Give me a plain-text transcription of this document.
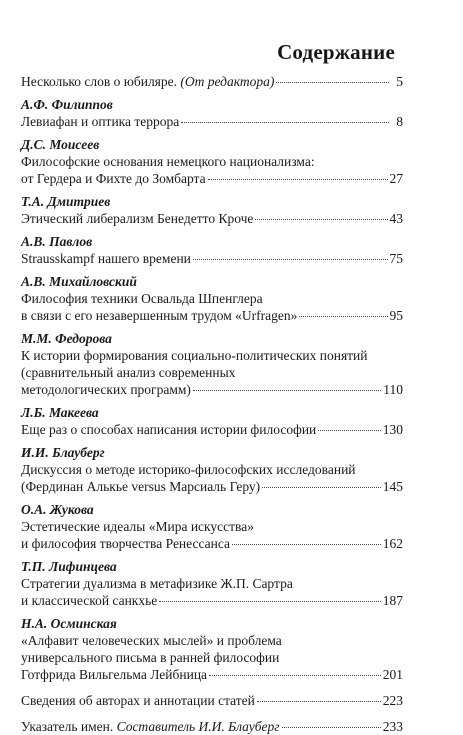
Содержание
Несколько слов о юбиляре. (От редактора)	5
А.Ф. Филиппов
Левиафан и оптика террора	8
Д.С. Моисеев
Философские основания немецкого национализма:
от Гердера и Фихте до Зомбарта	27
Т.А. Дмитриев
Этический либерализм Бенедетто Кроче	43
А.В. Павлов
Strausskampf нашего времени	75
А.В. Михайловский
Философия техники Освальда Шпенглера
в связи с его незавершенным трудом «Urfragen»	95
М.М. Федорова
К истории формирования социально-политических понятий
(сравнительный анализ современных
методологических программ)	110
Л.Б. Макеева
Еще раз о способах написания истории философии	130
И.И. Блауберг
Дискуссия о методе историко-философских исследований
(Фердинан Алькье versus Марсиаль Геру)	145
О.А. Жукова
Эстетические идеалы «Мира искусства»
и философия творчества Ренессанса	162
Т.П. Лифинцева
Стратегии дуализма в метафизике Ж.П. Сартра
и классической санкхье	187
Н.А. Осминская
«Алфавит человеческих мыслей» и проблема
универсального письма в ранней философии
Готфрида Вильгельма Лейбница	201
Сведения об авторах и аннотации статей	223
Указатель имен. Составитель И.И. Блауберг	233
